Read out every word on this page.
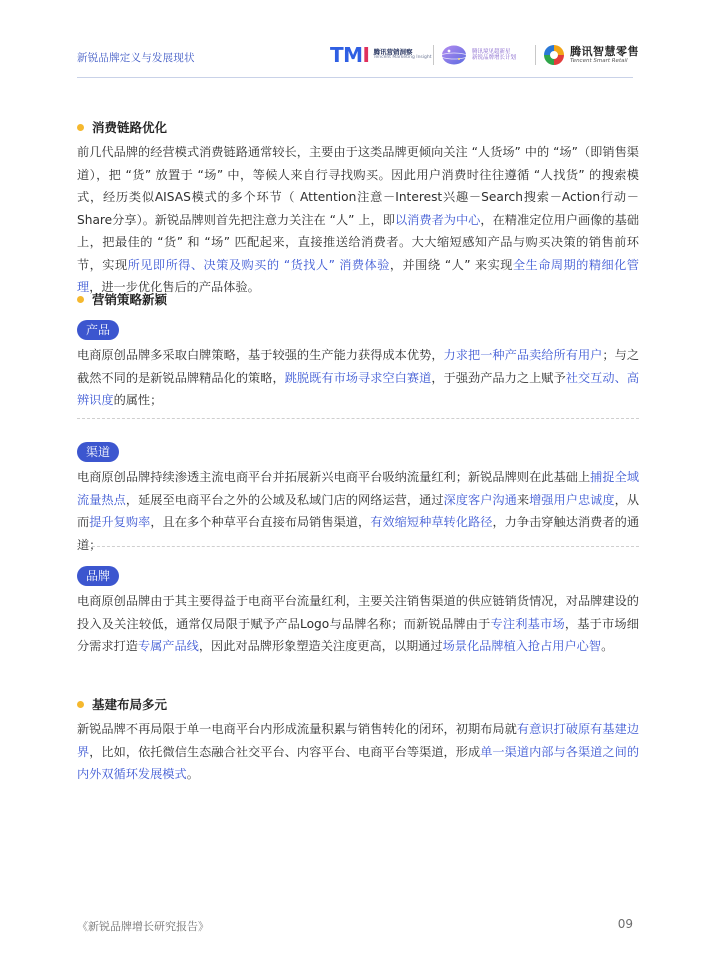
新锐品牌定义与发展现状	TMI 腾讯营销洞察
Tencent Marketing Insight
腾讯境见超新星
新锐品牌增长计划
腾讯智慧零售
Tencent Smart Retail
消费链路优化

前几代品牌的经营模式消费链路通常较长，主要由于这类品牌更倾向关注 “人货场” 中的 “场”（即销售渠道），把 “货” 放置于 “场” 中，等候人来自行寻找购买。因此用户消费时往往遵循 “人找货” 的搜索模式，经历类似AISAS模式的多个环节（ Attention注意－Interest兴趣－Search搜索－Action行动－Share分享）。新锐品牌则首先把注意力关注在 “人” 上，即以消费者为中心，在精准定位用户画像的基础上，把最佳的 “货” 和 “场” 匹配起来，直接推送给消费者。大大缩短感知产品与购买决策的销售前环节，实现所见即所得、决策及购买的 “货找人” 消费体验，并围绕 “人” 来实现全生命周期的精细化管理，进一步优化售后的产品体验。

营销策略新颖
产品

电商原创品牌多采取白牌策略，基于较强的生产能力获得成本优势，力求把一种产品卖给所有用户；与之截然不同的是新锐品牌精品化的策略，跳脱既有市场寻求空白赛道，于强劲产品力之上赋予社交互动、高辨识度的属性；

渠道

电商原创品牌持续渗透主流电商平台并拓展新兴电商平台吸纳流量红利；新锐品牌则在此基础上捕捉全域流量热点，延展至电商平台之外的公域及私域门店的网络运营，通过深度客户沟通来增强用户忠诚度，从而提升复购率，且在多个种草平台直接布局销售渠道，有效缩短种草转化路径，力争击穿触达消费者的通道；

品牌

电商原创品牌由于其主要得益于电商平台流量红利，主要关注销售渠道的供应链销货情况，对品牌建设的投入及关注较低，通常仅局限于赋予产品Logo与品牌名称；而新锐品牌由于专注利基市场，基于市场细分需求打造专属产品线，因此对品牌形象塑造关注度更高，以期通过场景化品牌植入抢占用户心智。

基建布局多元

新锐品牌不再局限于单一电商平台内形成流量积累与销售转化的闭环，初期布局就有意识打破原有基建边界，比如，依托微信生态融合社交平台、内容平台、电商平台等渠道，形成单一渠道内部与各渠道之间的内外双循环发展模式。

《新锐品牌增长研究报告》	09
